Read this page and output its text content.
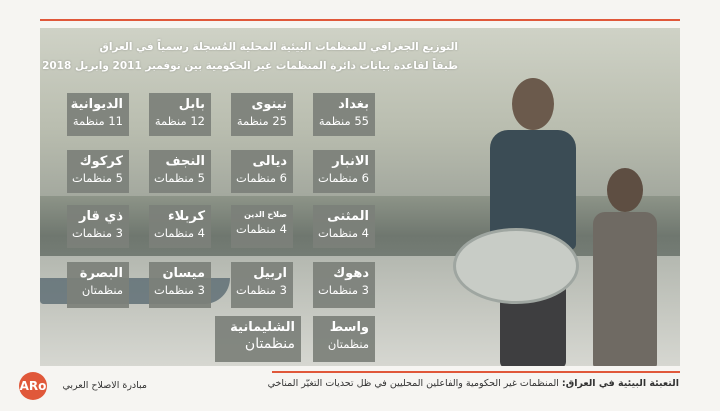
التوزيع الجغرافي للمنظمات البيئية المحلية المُسجلة رسمياً في العراق
طبقاً لقاعدة بيانات دائرة المنظمات غير الحكومية بين نوفمبر 2011 وابريل 2018
بغداد
55 منظمة
نينوى
25 منظمة
بابل
12 منظمة
الديوانية
11 منظمة
الانبار
6 منظمات
ديالى
6 منظمات
النجف
5 منظمات
كركوك
5 منظمات
المثنى
4 منظمات
صلاح الدين
4 منظمات
كربلاء
4 منظمات
ذي قار
3 منظمات
دهوك
3 منظمات
اربيل
3 منظمات
ميسان
3 منظمات
البصرة
منظمتان
واسط
منظمتان
الشليمانية
منظمتان
ARo	مبادرة الاصلاح العربي	التعبئة البيئية في العراق: المنظمات غير الحكومية والفاعلين المحليين في ظل تحديات التغيّر المناخي
